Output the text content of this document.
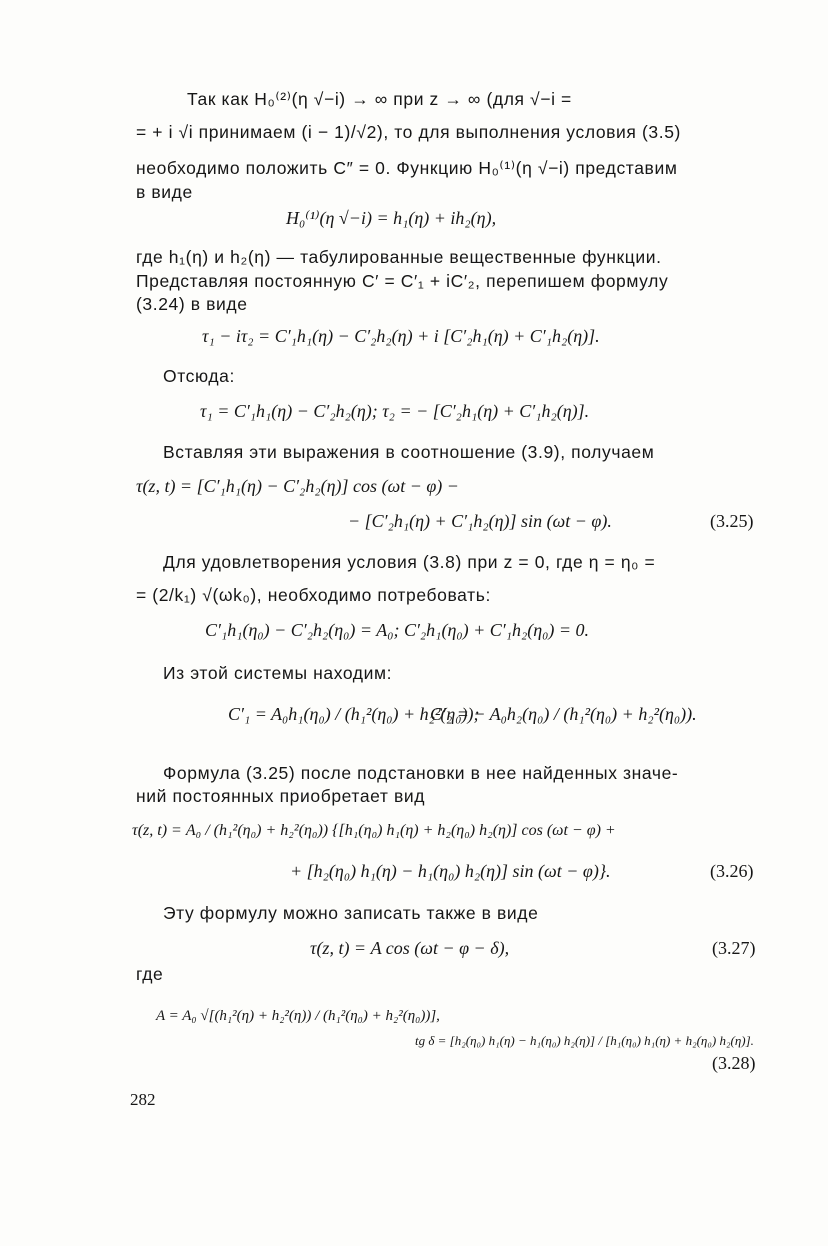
Так как H₀⁽²⁾(η √−i) → ∞ при z → ∞ (для √−i =
= + i √i принимаем (i − 1)/√2), то для выполнения условия (3.5)
необходимо положить C″ = 0. Функцию H₀⁽¹⁾(η √−i) представим
в виде
H₀⁽¹⁾(η √−i) = h₁(η) + ih₂(η),
где h₁(η) и h₂(η) — табулированные вещественные функции.
Представляя постоянную C′ = C′₁ + iC′₂, перепишем формулу
(3.24) в виде
τ₁ − iτ₂ = C′₁h₁(η) − C′₂h₂(η) + i [C′₂h₁(η) + C′₁h₂(η)].
Отсюда:
τ₁ = C′₁h₁(η) − C′₂h₂(η); τ₂ = − [C′₂h₁(η) + C′₁h₂(η)].
Вставляя эти выражения в соотношение (3.9), получаем
τ(z, t) = [C′₁h₁(η) − C′₂h₂(η)] cos (ωt − φ) −
− [C′₂h₁(η) + C′₁h₂(η)] sin (ωt − φ).	(3.25)
Для удовлетворения условия (3.8) при z = 0, где η = η₀ =
= (2/k₁) √(ωk₀), необходимо потребовать:
C′₁h₁(η₀) − C′₂h₂(η₀) = A₀; C′₂h₁(η₀) + C′₁h₂(η₀) = 0.
Из этой системы находим:
C′₁ = A₀h₁(η₀) / (h₁²(η₀) + h₂²(η₀));
C′₂ = − A₀h₂(η₀) / (h₁²(η₀) + h₂²(η₀)).
Формула (3.25) после подстановки в нее найденных значе-
ний постоянных приобретает вид
τ(z, t) = A₀ / (h₁²(η₀) + h₂²(η₀)) {[h₁(η₀) h₁(η) + h₂(η₀) h₂(η)] cos (ωt − φ) +
+ [h₂(η₀) h₁(η) − h₁(η₀) h₂(η)] sin (ωt − φ)}.	(3.26)
Эту формулу можно записать также в виде
τ(z, t) = A cos (ωt − φ − δ),	(3.27)
где
A = A₀ √[(h₁²(η) + h₂²(η)) / (h₁²(η₀) + h₂²(η₀))],
tg δ = [h₂(η₀) h₁(η) − h₁(η₀) h₂(η)] / [h₁(η₀) h₁(η) + h₂(η₀) h₂(η)].
(3.28)
282
